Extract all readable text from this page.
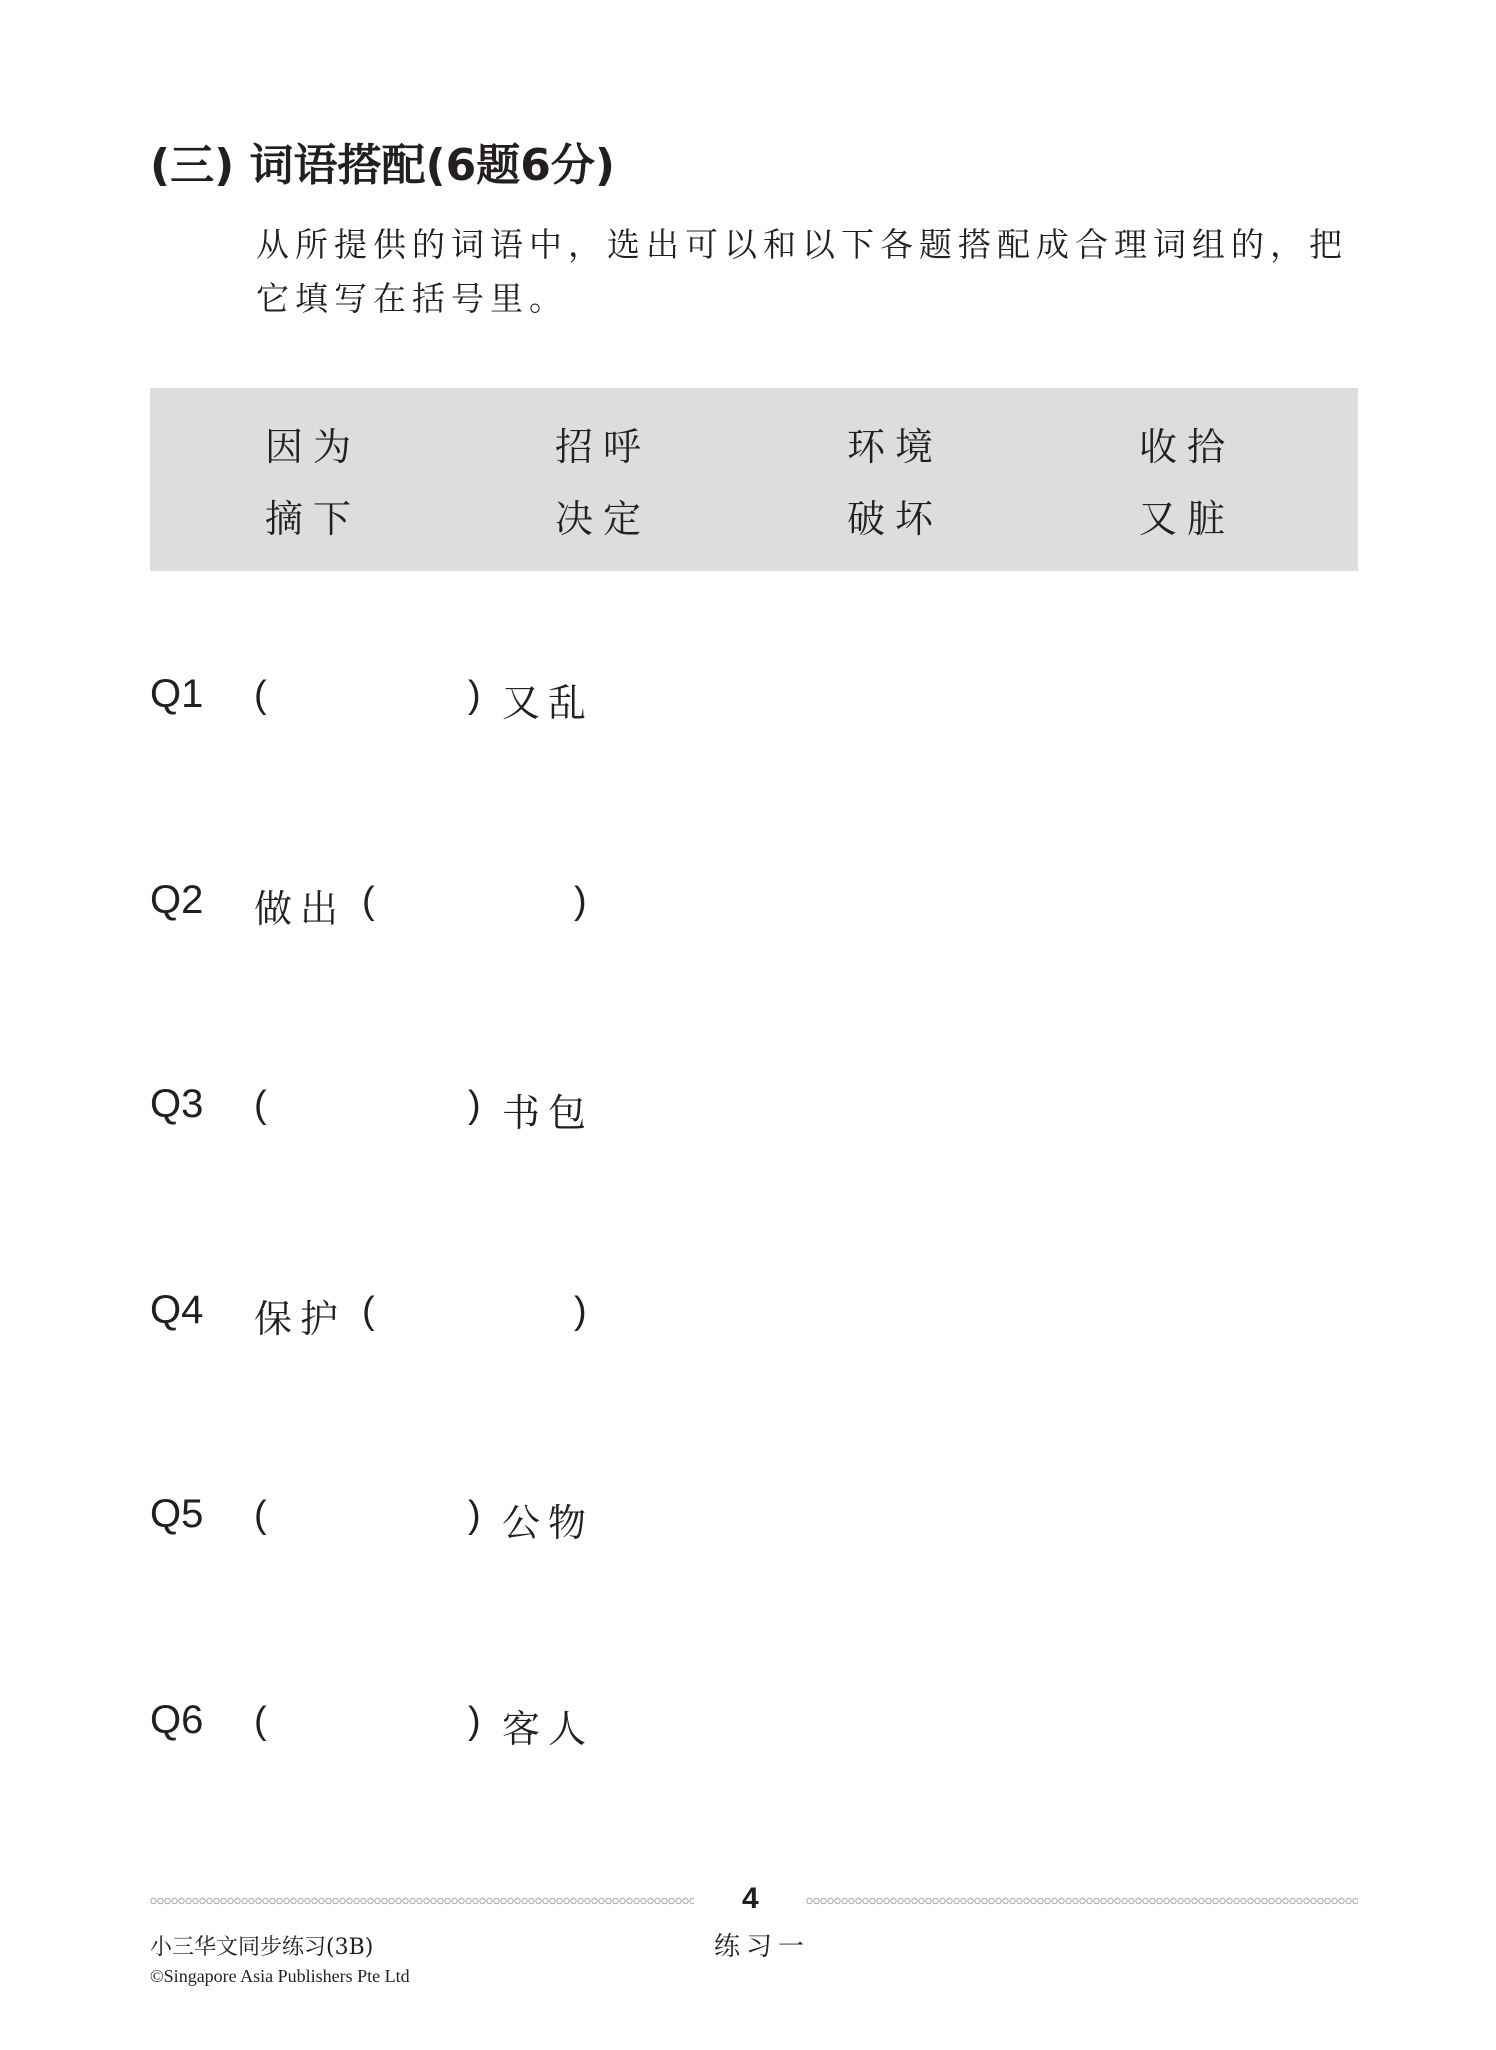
(三) 词语搭配(6题6分)
从所提供的词语中，选出可以和以下各题搭配成合理词组的，把它填写在括号里。
因为	招呼	环境	收拾
摘下	决定	破坏	又脏
Q1 (	) 又乱
Q2 做出 (	)
Q3 (	) 书包
Q4 保护 (	)
Q5 (	) 公物
Q6 (	) 客人
4
小三华文同步练习(3B)	练习一
©Singapore Asia Publishers Pte Ltd
